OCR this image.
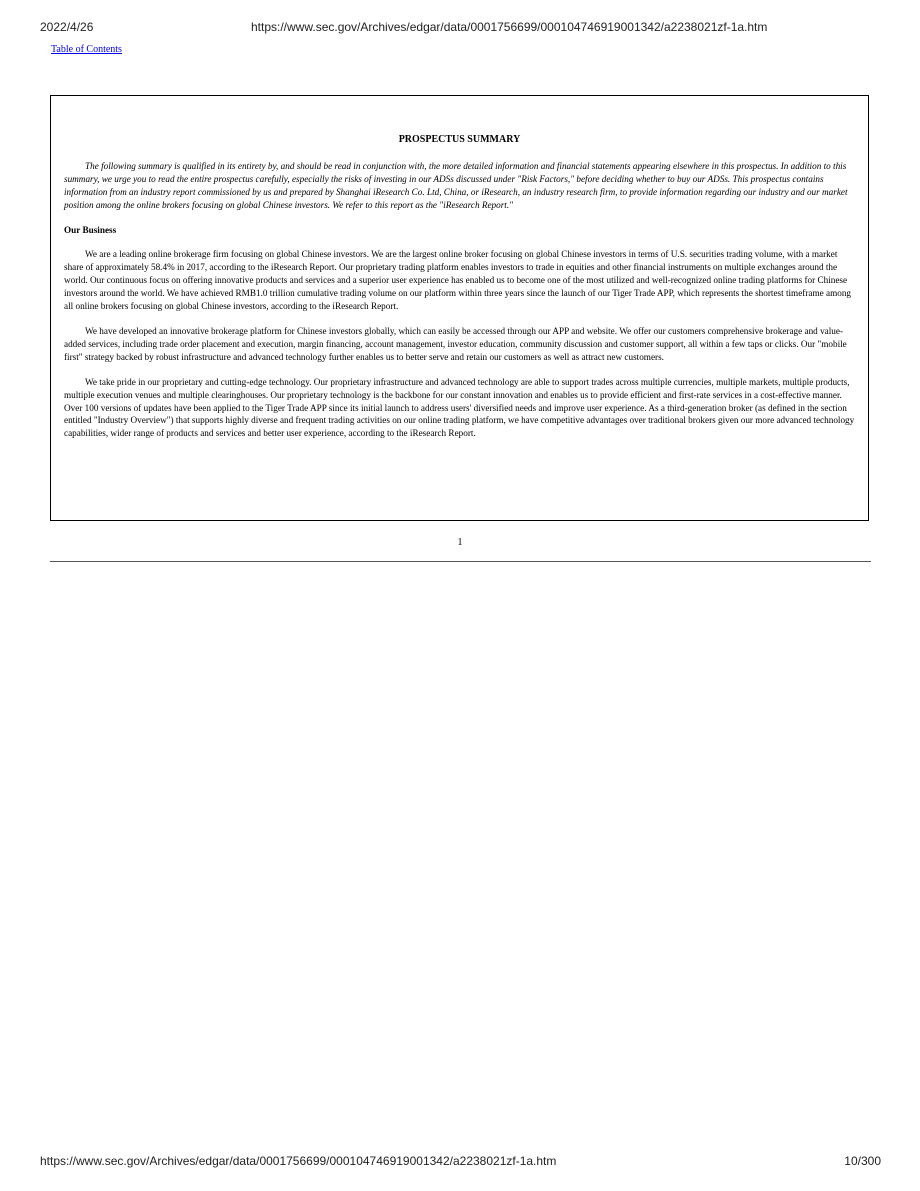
2022/4/26	https://www.sec.gov/Archives/edgar/data/0001756699/000104746919001342/a2238021zf-1a.htm
Table of Contents
PROSPECTUS SUMMARY

The following summary is qualified in its entirety by, and should be read in conjunction with, the more detailed information and financial statements appearing elsewhere in this prospectus. In addition to this summary, we urge you to read the entire prospectus carefully, especially the risks of investing in our ADSs discussed under "Risk Factors," before deciding whether to buy our ADSs. This prospectus contains information from an industry report commissioned by us and prepared by Shanghai iResearch Co. Ltd, China, or iResearch, an industry research firm, to provide information regarding our industry and our market position among the online brokers focusing on global Chinese investors. We refer to this report as the "iResearch Report."

Our Business

We are a leading online brokerage firm focusing on global Chinese investors. We are the largest online broker focusing on global Chinese investors in terms of U.S. securities trading volume, with a market share of approximately 58.4% in 2017, according to the iResearch Report. Our proprietary trading platform enables investors to trade in equities and other financial instruments on multiple exchanges around the world. Our continuous focus on offering innovative products and services and a superior user experience has enabled us to become one of the most utilized and well-recognized online trading platforms for Chinese investors around the world. We have achieved RMB1.0 trillion cumulative trading volume on our platform within three years since the launch of our Tiger Trade APP, which represents the shortest timeframe among all online brokers focusing on global Chinese investors, according to the iResearch Report.

We have developed an innovative brokerage platform for Chinese investors globally, which can easily be accessed through our APP and website. We offer our customers comprehensive brokerage and value-added services, including trade order placement and execution, margin financing, account management, investor education, community discussion and customer support, all within a few taps or clicks. Our "mobile first" strategy backed by robust infrastructure and advanced technology further enables us to better serve and retain our customers as well as attract new customers.

We take pride in our proprietary and cutting-edge technology. Our proprietary infrastructure and advanced technology are able to support trades across multiple currencies, multiple markets, multiple products, multiple execution venues and multiple clearinghouses. Our proprietary technology is the backbone for our constant innovation and enables us to provide efficient and first-rate services in a cost-effective manner. Over 100 versions of updates have been applied to the Tiger Trade APP since its initial launch to address users' diversified needs and improve user experience. As a third-generation broker (as defined in the section entitled "Industry Overview") that supports highly diverse and frequent trading activities on our online trading platform, we have competitive advantages over traditional brokers given our more advanced technology capabilities, wider range of products and services and better user experience, according to the iResearch Report.

1
https://www.sec.gov/Archives/edgar/data/0001756699/000104746919001342/a2238021zf-1a.htm	10/300
